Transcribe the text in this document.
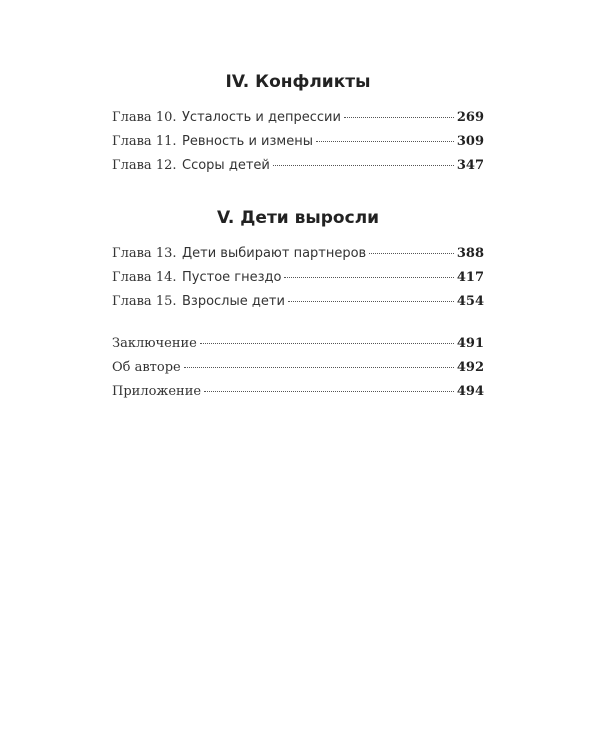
IV. Конфликты
Глава 10. Усталость и депрессии	269
Глава 11. Ревность и измены	309
Глава 12. Ссоры детей	347
V. Дети выросли
Глава 13. Дети выбирают партнеров	388
Глава 14. Пустое гнездо	417
Глава 15. Взрослые дети	454
Заключение	491
Об авторе	492
Приложение	494
